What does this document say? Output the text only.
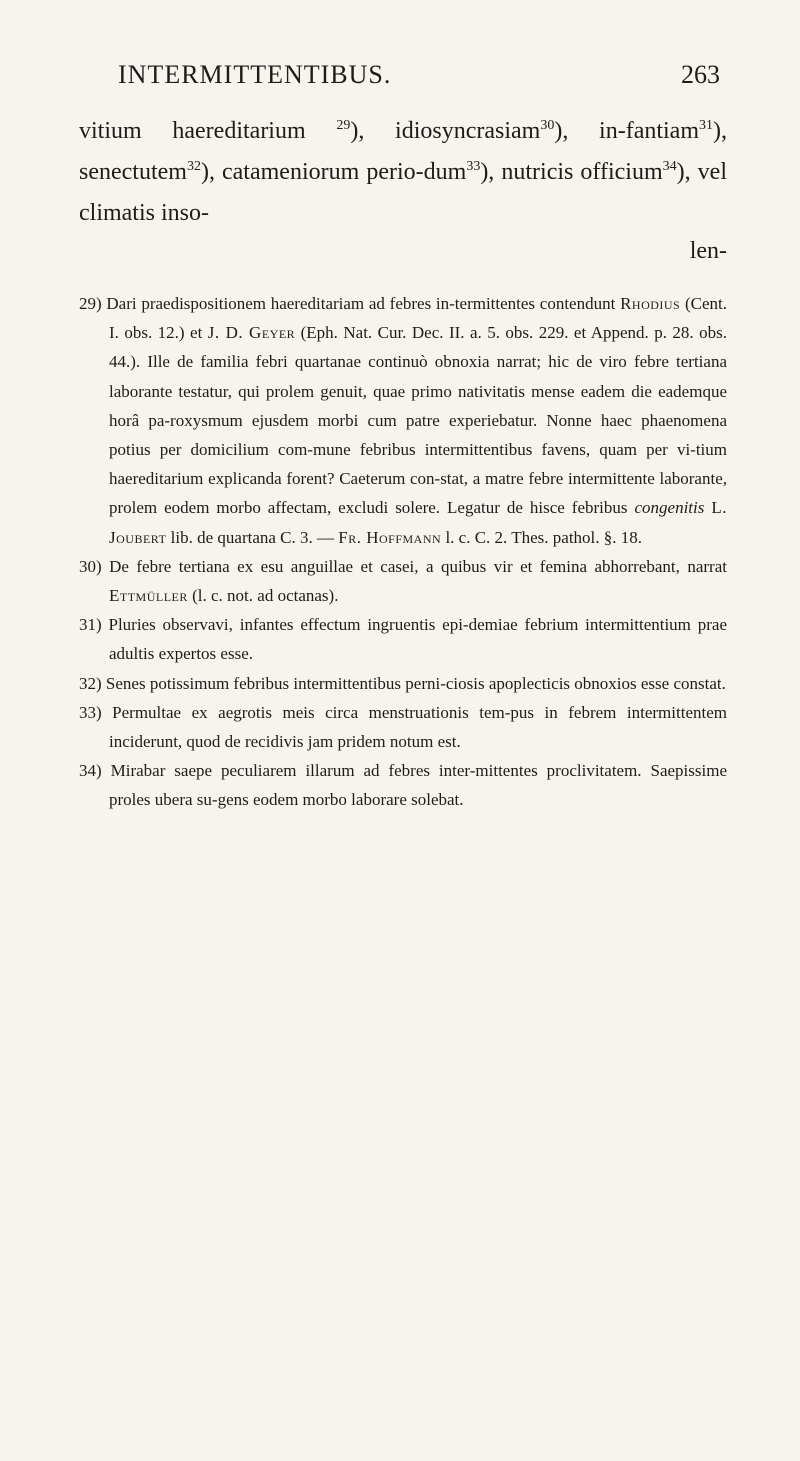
INTERMITTENTIBUS.	263
vitium haereditarium $^{29}$), idiosyncrasiam$^{30}$), in-fantiam$^{31}$), senectutem$^{32}$), catameniorum perio-dum$^{33}$), nutricis officium$^{34}$), vel climatis inso-
len-

29) Dari praedispositionem haereditariam ad febres in-termittentes contendunt Rhodius (Cent. I. obs. 12.) et J. D. Geyer (Eph. Nat. Cur. Dec. II. a. 5. obs. 229. et Append. p. 28. obs. 44.). Ille de familia febri quartanae continuò obnoxia narrat; hic de viro febre tertiana laborante testatur, qui prolem genuit, quae primo nativitatis mense eadem die eademque horâ pa-roxysmum ejusdem morbi cum patre experiebatur. Nonne haec phaenomena potius per domicilium com-mune febribus intermittentibus favens, quam per vi-tium haereditarium explicanda forent? Caeterum con-stat, a matre febre intermittente laborante, prolem eodem morbo affectam, excludi solere. Legatur de hisce febribus congenitis L. Joubert lib. de quartana C. 3. — Fr. Hoffmann l. c. C. 2. Thes. pathol. §. 18.

30) De febre tertiana ex esu anguillae et casei, a quibus vir et femina abhorrebant, narrat Ettmüller (l. c. not. ad octanas).

31) Pluries observavi, infantes effectum ingruentis epi-demiae febrium intermittentium prae adultis expertos esse.

32) Senes potissimum febribus intermittentibus perni-ciosis apoplecticis obnoxios esse constat.

33) Permultae ex aegrotis meis circa menstruationis tem-pus in febrem intermittentem inciderunt, quod de recidivis jam pridem notum est.

34) Mirabar saepe peculiarem illarum ad febres inter-mittentes proclivitatem. Saepissime proles ubera su-gens eodem morbo laborare solebat.
